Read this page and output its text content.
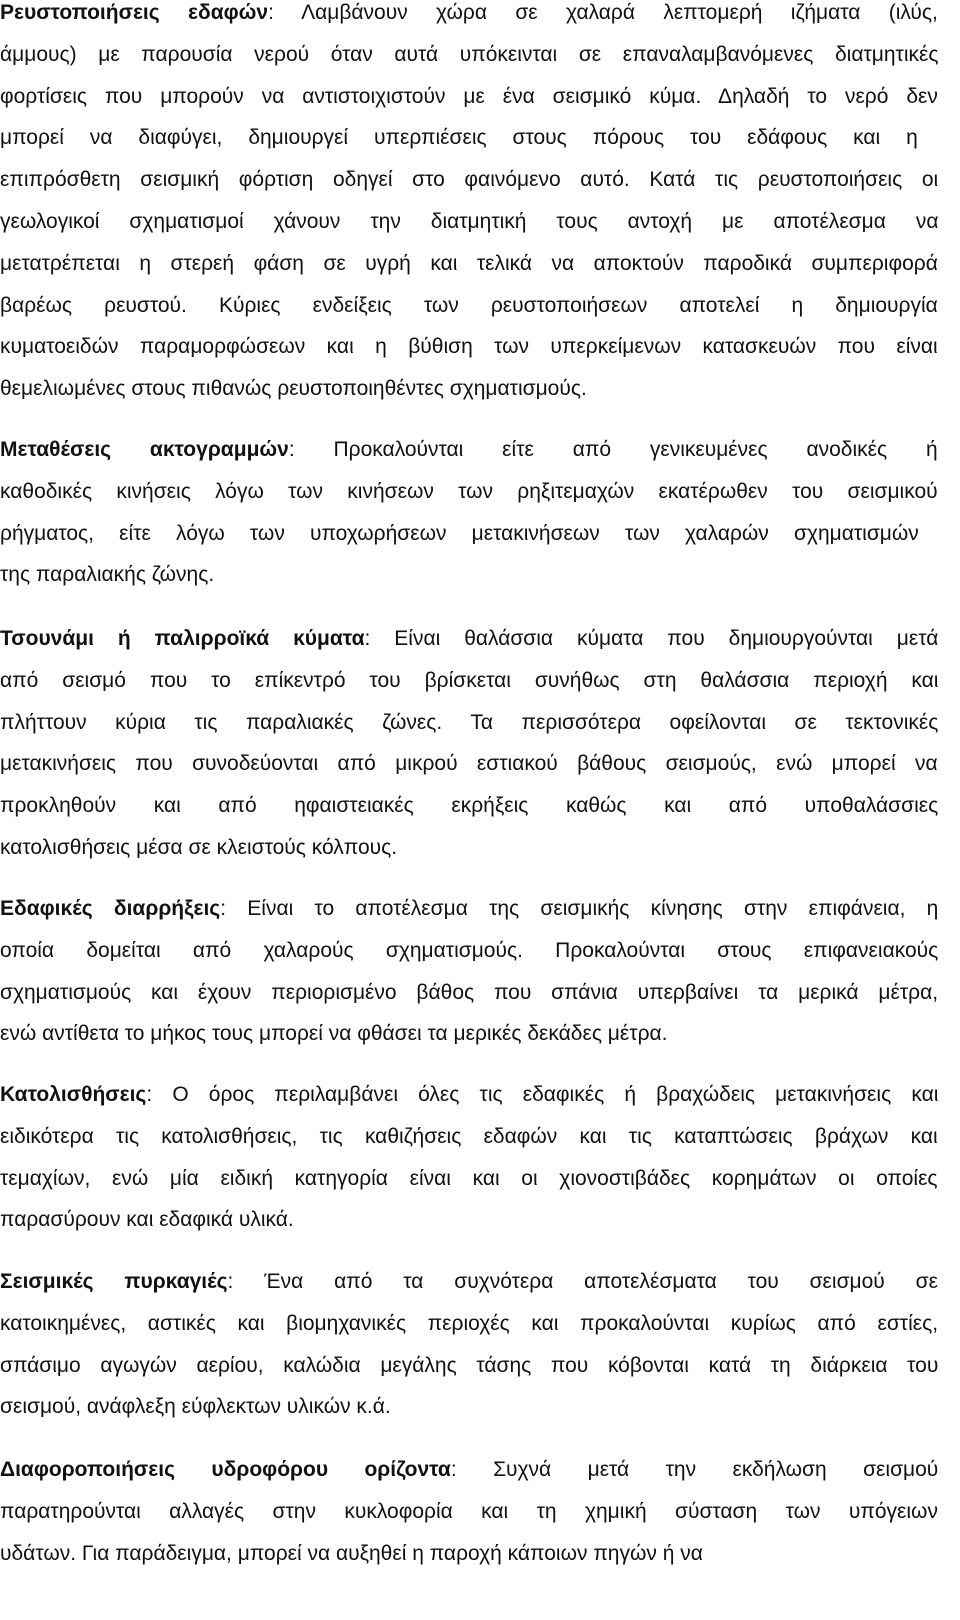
Ρευστοποιήσεις εδαφών: Λαμβάνουν χώρα σε χαλαρά λεπτομερή ιζήματα (ιλύς,
άμμους) με παρουσία νερού όταν αυτά υπόκεινται σε επαναλαμβανόμενες διατμητικές
φορτίσεις που μπορούν να αντιστοιχιστούν με ένα σεισμικό κύμα. Δηλαδή το νερό δεν
μπορεί να διαφύγει, δημιουργεί υπερπιέσεις στους πόρους του εδάφους και η
επιπρόσθετη σεισμική φόρτιση οδηγεί στο φαινόμενο αυτό. Κατά τις ρευστοποιήσεις οι
γεωλογικοί σχηματισμοί χάνουν την διατμητική τους αντοχή με αποτέλεσμα να
μετατρέπεται η στερεή φάση σε υγρή και τελικά να αποκτούν παροδικά συμπεριφορά
βαρέως ρευστού. Κύριες ενδείξεις των ρευστοποιήσεων αποτελεί η δημιουργία
κυματοειδών παραμορφώσεων και η βύθιση των υπερκείμενων κατασκευών που είναι
θεμελιωμένες στους πιθανώς ρευστοποιηθέντες σχηματισμούς.
Μεταθέσεις ακτογραμμών: Προκαλούνται είτε από γενικευμένες ανοδικές ή
καθοδικές κινήσεις λόγω των κινήσεων των ρηξιτεμαχών εκατέρωθεν του σεισμικού
ρήγματος, είτε λόγω των υποχωρήσεων μετακινήσεων των χαλαρών σχηματισμών
της παραλιακής ζώνης.
Τσουνάμι ή παλιρροϊκά κύματα: Είναι θαλάσσια κύματα που δημιουργούνται μετά
από σεισμό που το επίκεντρό του βρίσκεται συνήθως στη θαλάσσια περιοχή και
πλήττουν κύρια τις παραλιακές ζώνες. Τα περισσότερα οφείλονται σε τεκτονικές
μετακινήσεις που συνοδεύονται από μικρού εστιακού βάθους σεισμούς, ενώ μπορεί να
προκληθούν και από ηφαιστειακές εκρήξεις καθώς και από υποθαλάσσιες
κατολισθήσεις μέσα σε κλειστούς κόλπους.
Εδαφικές διαρρήξεις: Είναι το αποτέλεσμα της σεισμικής κίνησης στην επιφάνεια, η
οποία δομείται από χαλαρούς σχηματισμούς. Προκαλούνται στους επιφανειακούς
σχηματισμούς και έχουν περιορισμένο βάθος που σπάνια υπερβαίνει τα μερικά μέτρα,
ενώ αντίθετα το μήκος τους μπορεί να φθάσει τα μερικές δεκάδες μέτρα.
Κατολισθήσεις: Ο όρος περιλαμβάνει όλες τις εδαφικές ή βραχώδεις μετακινήσεις και
ειδικότερα τις κατολισθήσεις, τις καθιζήσεις εδαφών και τις καταπτώσεις βράχων και
τεμαχίων, ενώ μία ειδική κατηγορία είναι και οι χιονοστιβάδες κορημάτων οι οποίες
παρασύρουν και εδαφικά υλικά.
Σεισμικές πυρκαγιές: Ένα από τα συχνότερα αποτελέσματα του σεισμού σε
κατοικημένες, αστικές και βιομηχανικές περιοχές και προκαλούνται κυρίως από εστίες,
σπάσιμο αγωγών αερίου, καλώδια μεγάλης τάσης που κόβονται κατά τη διάρκεια του
σεισμού, ανάφλεξη εύφλεκτων υλικών κ.ά.
Διαφοροποιήσεις υδροφόρου ορίζοντα: Συχνά μετά την εκδήλωση σεισμού
παρατηρούνται αλλαγές στην κυκλοφορία και τη χημική σύσταση των υπόγειων
υδάτων. Για παράδειγμα, μπορεί να αυξηθεί η παροχή κάποιων πηγών ή να
